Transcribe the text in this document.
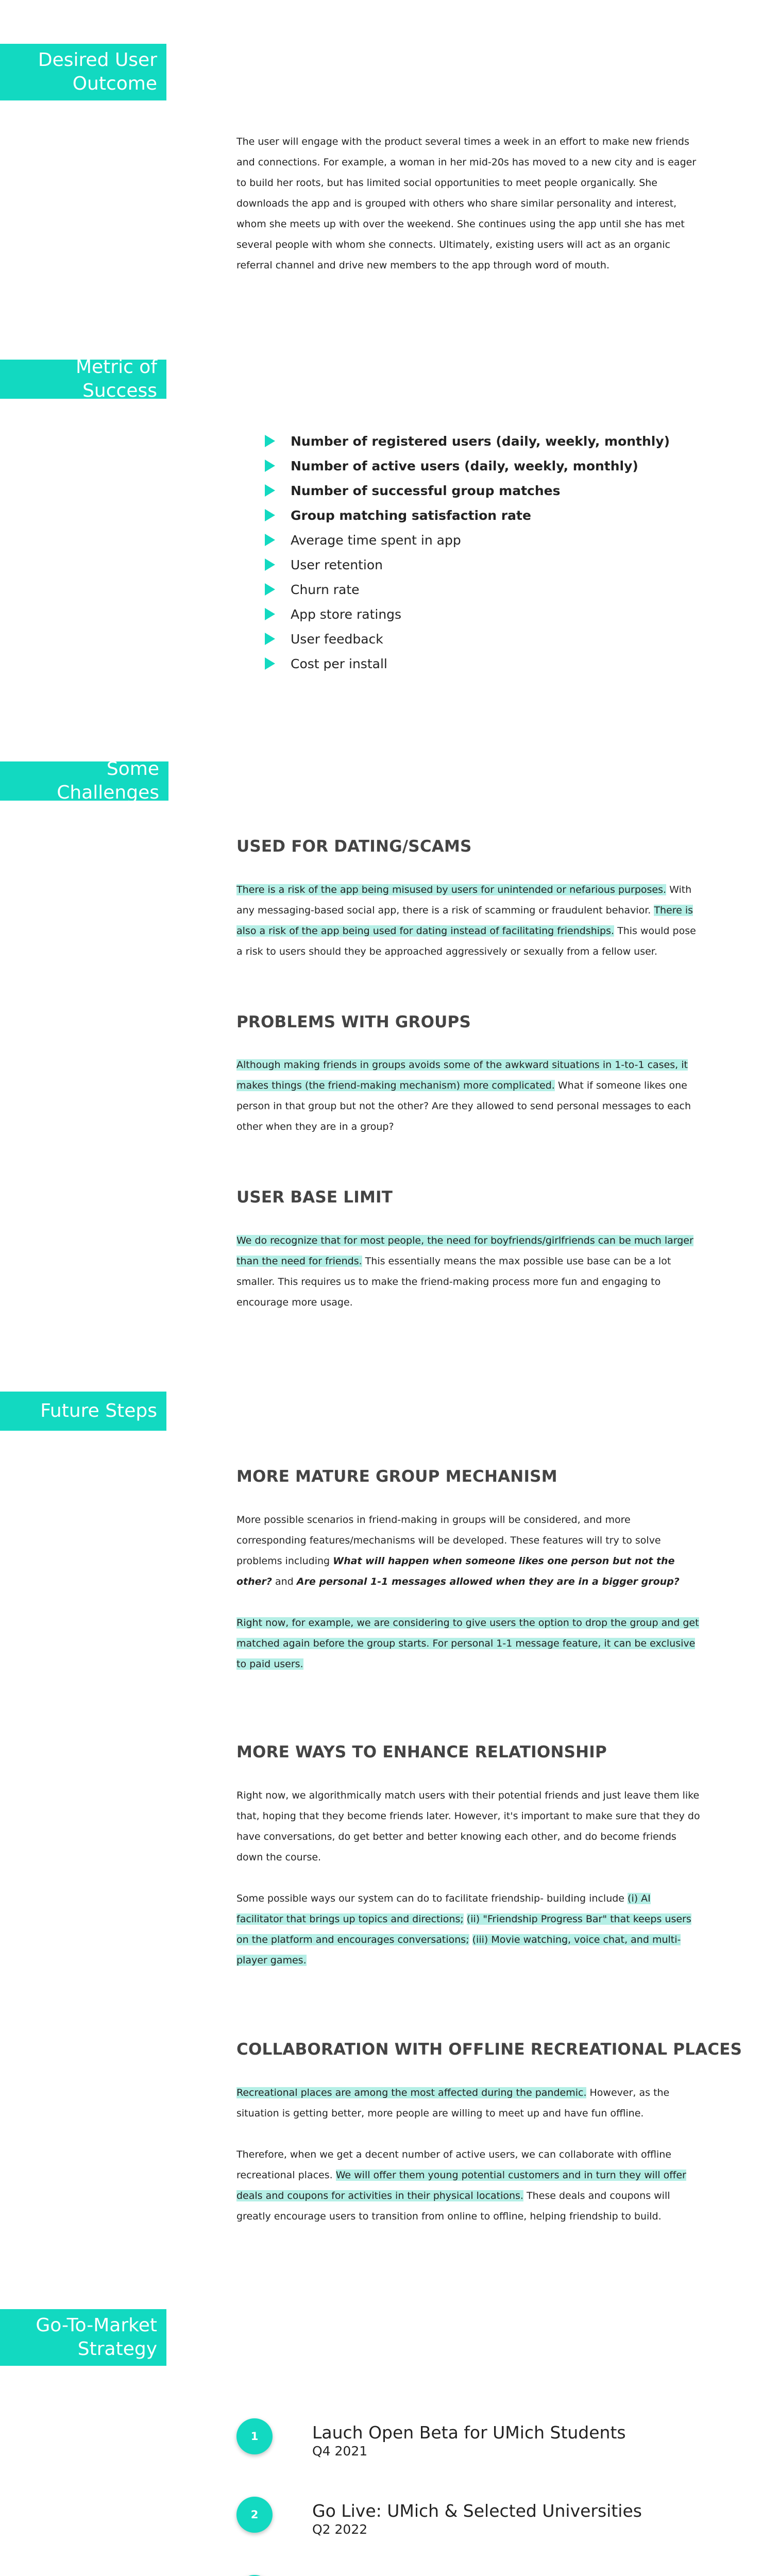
Desired User
Outcome

The user will engage with the product several times a week in an effort to make new friends and connections. For example, a woman in her mid-20s has moved to a new city and is eager to build her roots, but has limited social opportunities to meet people organically. She downloads the app and is grouped with others who share similar personality and interest, whom she meets up with over the weekend. She continues using the app until she has met several people with whom she connects. Ultimately, existing users will act as an organic referral channel and drive new members to the app through word of mouth.

Metric of Success
Number of registered users (daily, weekly, monthly)
Number of active users (daily, weekly, monthly)
Number of successful group matches
Group matching satisfaction rate
Average time spent in app
User retention
Churn rate
App store ratings
User feedback
Cost per install
Some Challenges
USED FOR DATING/SCAMS

There is a risk of the app being misused by users for unintended or nefarious purposes. With any messaging-based social app, there is a risk of scamming or fraudulent behavior. There is also a risk of the app being used for dating instead of facilitating friendships. This would pose a risk to users should they be approached aggressively or sexually from a fellow user.

PROBLEMS WITH GROUPS

Although making friends in groups avoids some of the awkward situations in 1-to-1 cases, it makes things (the friend-making mechanism) more complicated. What if someone likes one person in that group but not the other? Are they allowed to send personal messages to each other when they are in a group?

USER BASE LIMIT

We do recognize that for most people, the need for boyfriends/girlfriends can be much larger than the need for friends. This essentially means the max possible use base can be a lot smaller. This requires us to make the friend-making process more fun and engaging to encourage more usage.

Future Steps
MORE MATURE GROUP MECHANISM

More possible scenarios in friend-making in groups will be considered, and more corresponding features/mechanisms will be developed. These features will try to solve problems including What will happen when someone likes one person but not the other? and Are personal 1-1 messages allowed when they are in a bigger group?

Right now, for example, we are considering to give users the option to drop the group and get matched again before the group starts. For personal 1-1 message feature, it can be exclusive to paid users.

MORE WAYS TO ENHANCE RELATIONSHIP

Right now, we algorithmically match users with their potential friends and just leave them like that, hoping that they become friends later. However, it's important to make sure that they do have conversations, do get better and better knowing each other, and do become friends down the course.

Some possible ways our system can do to facilitate friendship- building include (i) AI facilitator that brings up topics and directions; (ii) "Friendship Progress Bar" that keeps users on the platform and encourages conversations; (iii) Movie watching, voice chat, and multi-player games.

COLLABORATION WITH OFFLINE RECREATIONAL PLACES

Recreational places are among the most affected during the pandemic. However, as the situation is getting better, more people are willing to meet up and have fun offline.

Therefore, when we get a decent number of active users, we can collaborate with offline recreational places. We will offer them young potential customers and in turn they will offer deals and coupons for activities in their physical locations. These deals and coupons will greatly encourage users to transition from online to offline, helping friendship to build.

Go-To-Market
Strategy
1	Lauch Open Beta for UMich Students
Q4 2021
2	Go Live: UMich & Selected Universities
Q2 2022
